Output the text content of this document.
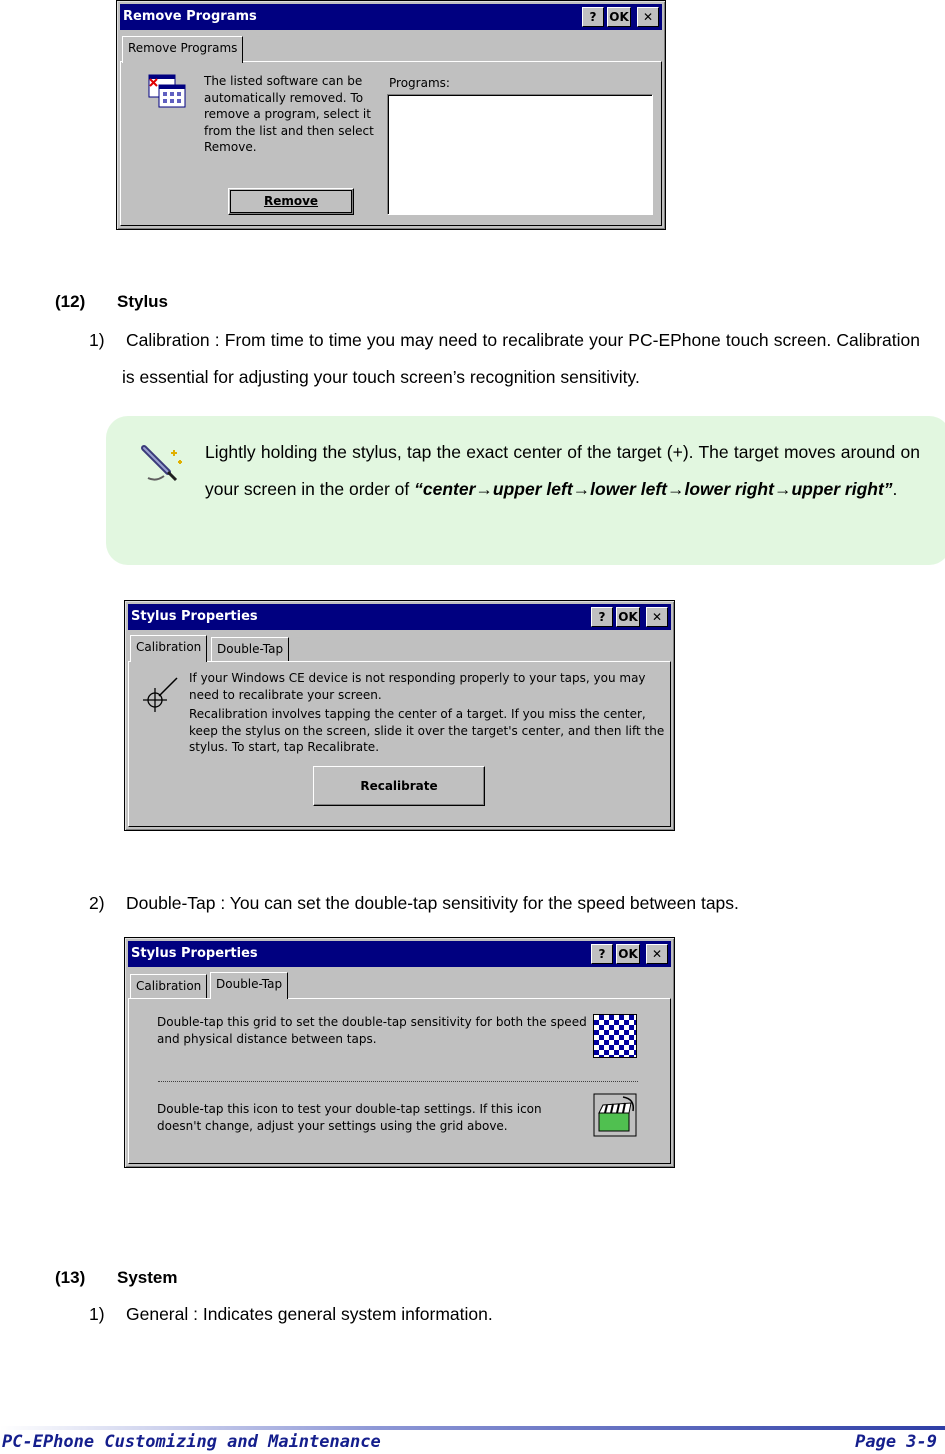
Remove Programs	?	OK	✕
Remove Programs
The listed software can be automatically removed. To remove a program, select it from the list and then select Remove.
Programs:
Remove
(12) Stylus
1) Calibration : From time to time you may need to recalibrate your PC-EPhone touch screen. Calibration is essential for adjusting your touch screen’s recognition sensitivity.
Lightly holding the stylus, tap the exact center of the target (+). The target moves around on your screen in the order of “center→upper left→lower left→lower right→upper right”.
Stylus Properties	?	OK	✕
Calibration	Double-Tap
If your Windows CE device is not responding properly to your taps, you may need to recalibrate your screen.
Recalibration involves tapping the center of a target. If you miss the center, keep the stylus on the screen, slide it over the target's center, and then lift the stylus. To start, tap Recalibrate.
Recalibrate
2) Double-Tap : You can set the double-tap sensitivity for the speed between taps.
Stylus Properties	?	OK	✕
Calibration	Double-Tap
Double-tap this grid to set the double-tap sensitivity for both the speed and physical distance between taps.
Double-tap this icon to test your double-tap settings. If this icon doesn't change, adjust your settings using the grid above.
(13) System
1) General : Indicates general system information.
PC-EPhone Customizing and Maintenance	Page 3-9
